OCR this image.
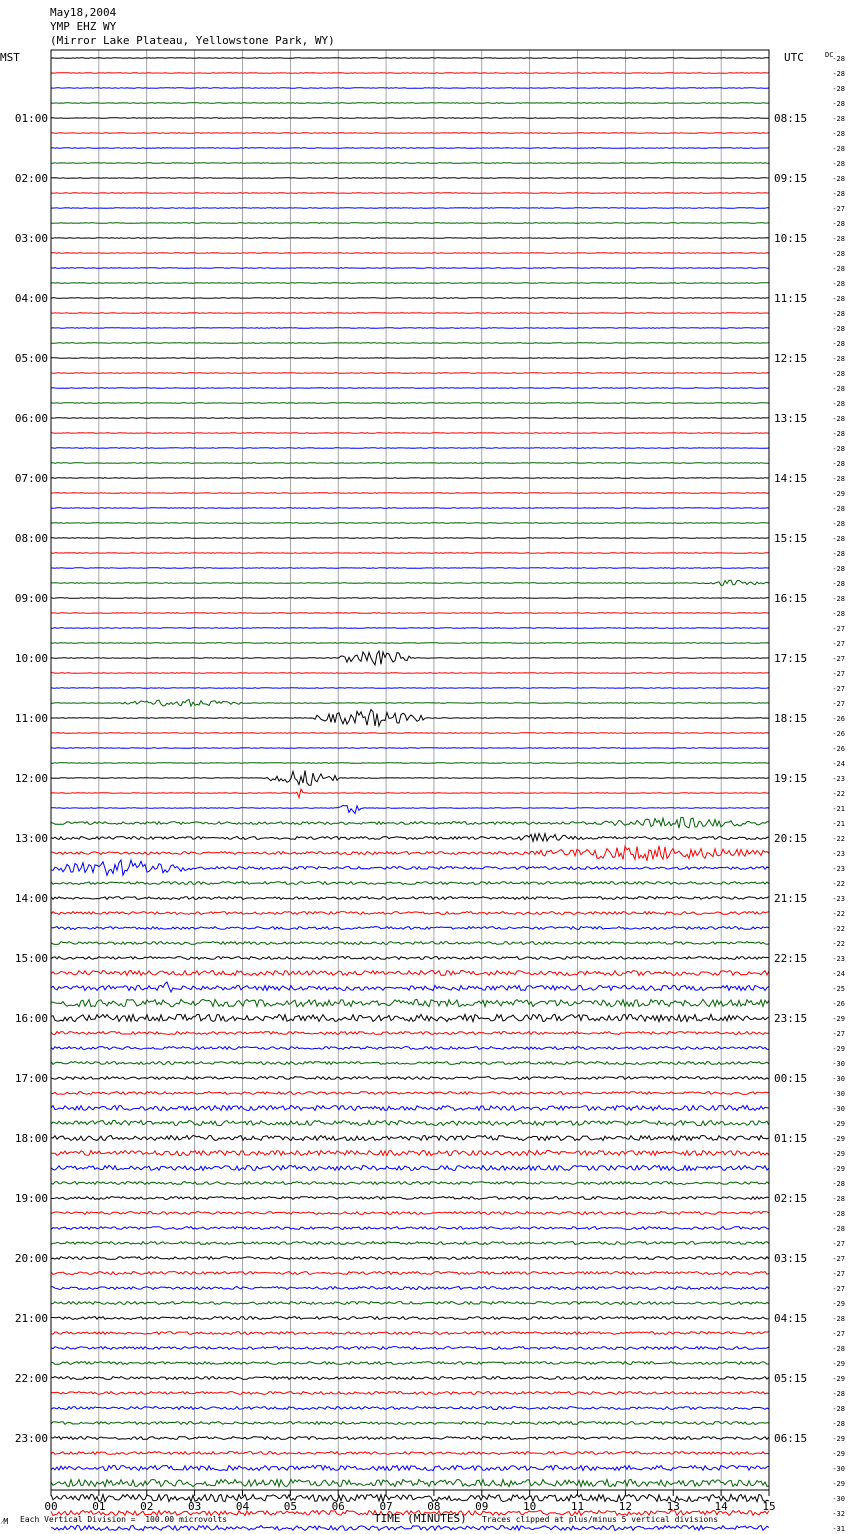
May18,2004
YMP EHZ WY
(Mirror Lake Plateau, Yellowstone Park, WY)
00	01	02	03	04	05	06	07	08	09	10	11	12	13	14	15
-28
-28
-28
-28
-28
-28
-28
-28
-28
-28
-27
-28
-28
-28
-28
-28
-28
-28
-28
-28
-28
-28
-28
-28
-28
-28
-28
-28
-28
-29
-28
-28
-28
-28
-28
-28
-28
-28
-27
-27
-27
-27
-27
-27
-26
-26
-26
-24
-23
-22
-21
-21
-22
-23
-23
-22
-23
-22
-22
-22
-23
-24
-25
-26
-29
-27
-29
-30
-30
-30
-30
-29
-29
-29
-29
-28
-28
-28
-28
-27
-27
-27
-27
-29
-28
-27
-28
-29
-29
-28
-28
-28
-29
-29
-30
-29
-30
-32
-31
01:00	08:15
02:00	09:15
03:00	10:15
04:00	11:15
05:00	12:15
06:00	13:15
07:00	14:15
08:00	15:15
09:00	16:15
10:00	17:15
11:00	18:15
12:00	19:15
13:00	20:15
14:00	21:15
15:00	22:15
16:00	23:15
17:00	00:15
18:00	01:15
19:00	02:15
20:00	03:15
21:00	04:15
22:00	05:15
23:00	06:15
MST	UTC	DC
⁄M Each Vertical Division =  100.00 microvolts	TIME (MINUTES) Traces clipped at plus/minus 5 vertical divisions
